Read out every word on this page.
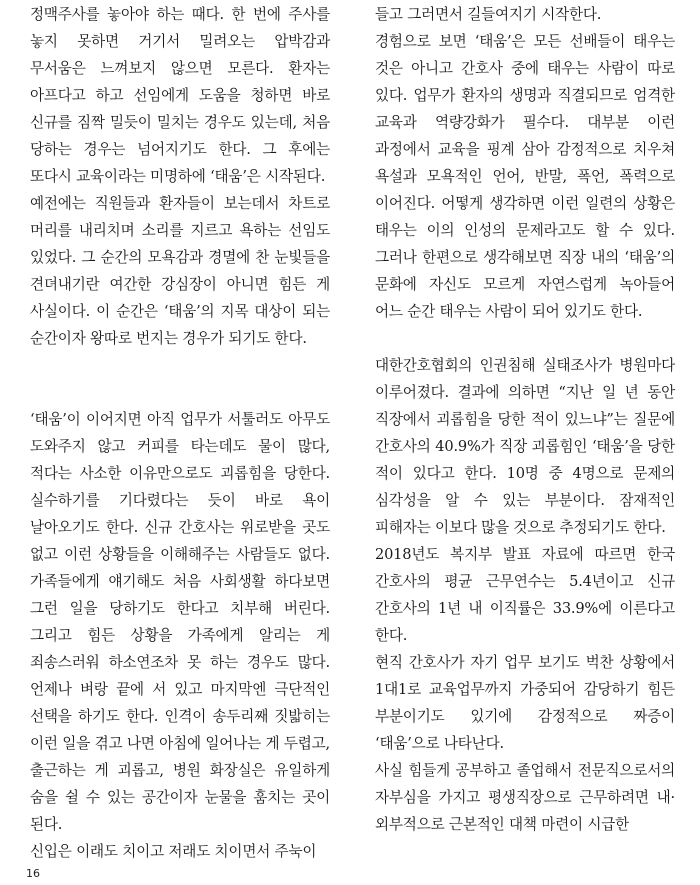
정맥주사를 놓아야 하는 때다. 한 번에 주사를 놓지 못하면 거기서 밀려오는 압박감과 무서움은 느껴보지 않으면 모른다. 환자는 아프다고 하고 선임에게 도움을 청하면 바로 신규를 짐짝 밀듯이 밀치는 경우도 있는데, 처음 당하는 경우는 넘어지기도 한다. 그 후에는 또다시 교육이라는 미명하에 ‘태움’은 시작된다.

예전에는 직원들과 환자들이 보는데서 차트로 머리를 내리치며 소리를 지르고 욕하는 선임도 있었다. 그 순간의 모욕감과 경멸에 찬 눈빛들을 견뎌내기란 여간한 강심장이 아니면 힘든 게 사실이다. 이 순간은 ‘태움’의 지목 대상이 되는 순간이자 왕따로 번지는 경우가 되기도 한다.

‘태움’이 이어지면 아직 업무가 서툴러도 아무도 도와주지 않고 커피를 타는데도 물이 많다, 적다는 사소한 이유만으로도 괴롭힘을 당한다. 실수하기를 기다렸다는 듯이 바로 욕이 날아오기도 한다. 신규 간호사는 위로받을 곳도 없고 이런 상황들을 이해해주는 사람들도 없다. 가족들에게 얘기해도 처음 사회생활 하다보면 그런 일을 당하기도 한다고 치부해 버린다. 그리고 힘든 상황을 가족에게 알리는 게 죄송스러워 하소연조차 못 하는 경우도 많다. 언제나 벼랑 끝에 서 있고 마지막엔 극단적인 선택을 하기도 한다. 인격이 송두리째 짓밟히는 이런 일을 겪고 나면 아침에 일어나는 게 두렵고, 출근하는 게 괴롭고, 병원 화장실은 유일하게 숨을 쉴 수 있는 공간이자 눈물을 훔치는 곳이 된다.

신입은 이래도 치이고 저래도 치이면서 주눅이

들고 그러면서 길들여지기 시작한다.

경험으로 보면 ‘태움’은 모든 선배들이 태우는 것은 아니고 간호사 중에 태우는 사람이 따로 있다. 업무가 환자의 생명과 직결되므로 엄격한 교육과 역량강화가 필수다. 대부분 이런 과정에서 교육을 핑계 삼아 감정적으로 치우쳐 욕설과 모욕적인 언어, 반말, 폭언, 폭력으로 이어진다. 어떻게 생각하면 이런 일련의 상황은 태우는 이의 인성의 문제라고도 할 수 있다. 그러나 한편으로 생각해보면 직장 내의 ‘태움’의 문화에 자신도 모르게 자연스럽게 녹아들어 어느 순간 태우는 사람이 되어 있기도 한다.

대한간호협회의 인권침해 실태조사가 병원마다 이루어졌다. 결과에 의하면 “지난 일 년 동안 직장에서 괴롭힘을 당한 적이 있느냐”는 질문에 간호사의 40.9%가 직장 괴롭힘인 ‘태움’을 당한 적이 있다고 한다. 10명 중 4명으로 문제의 심각성을 알 수 있는 부분이다. 잠재적인 피해자는 이보다 많을 것으로 추정되기도 한다.

2018년도 복지부 발표 자료에 따르면 한국 간호사의 평균 근무연수는 5.4년이고 신규 간호사의 1년 내 이직률은 33.9%에 이른다고 한다.

현직 간호사가 자기 업무 보기도 벅찬 상황에서 1대1로 교육업무까지 가중되어 감당하기 힘든 부분이기도 있기에 감정적으로 짜증이 ‘태움’으로 나타난다.

사실 힘들게 공부하고 졸업해서 전문직으로서의 자부심을 가지고 평생직장으로 근무하려면 내·외부적으로 근본적인 대책 마련이 시급한

16
